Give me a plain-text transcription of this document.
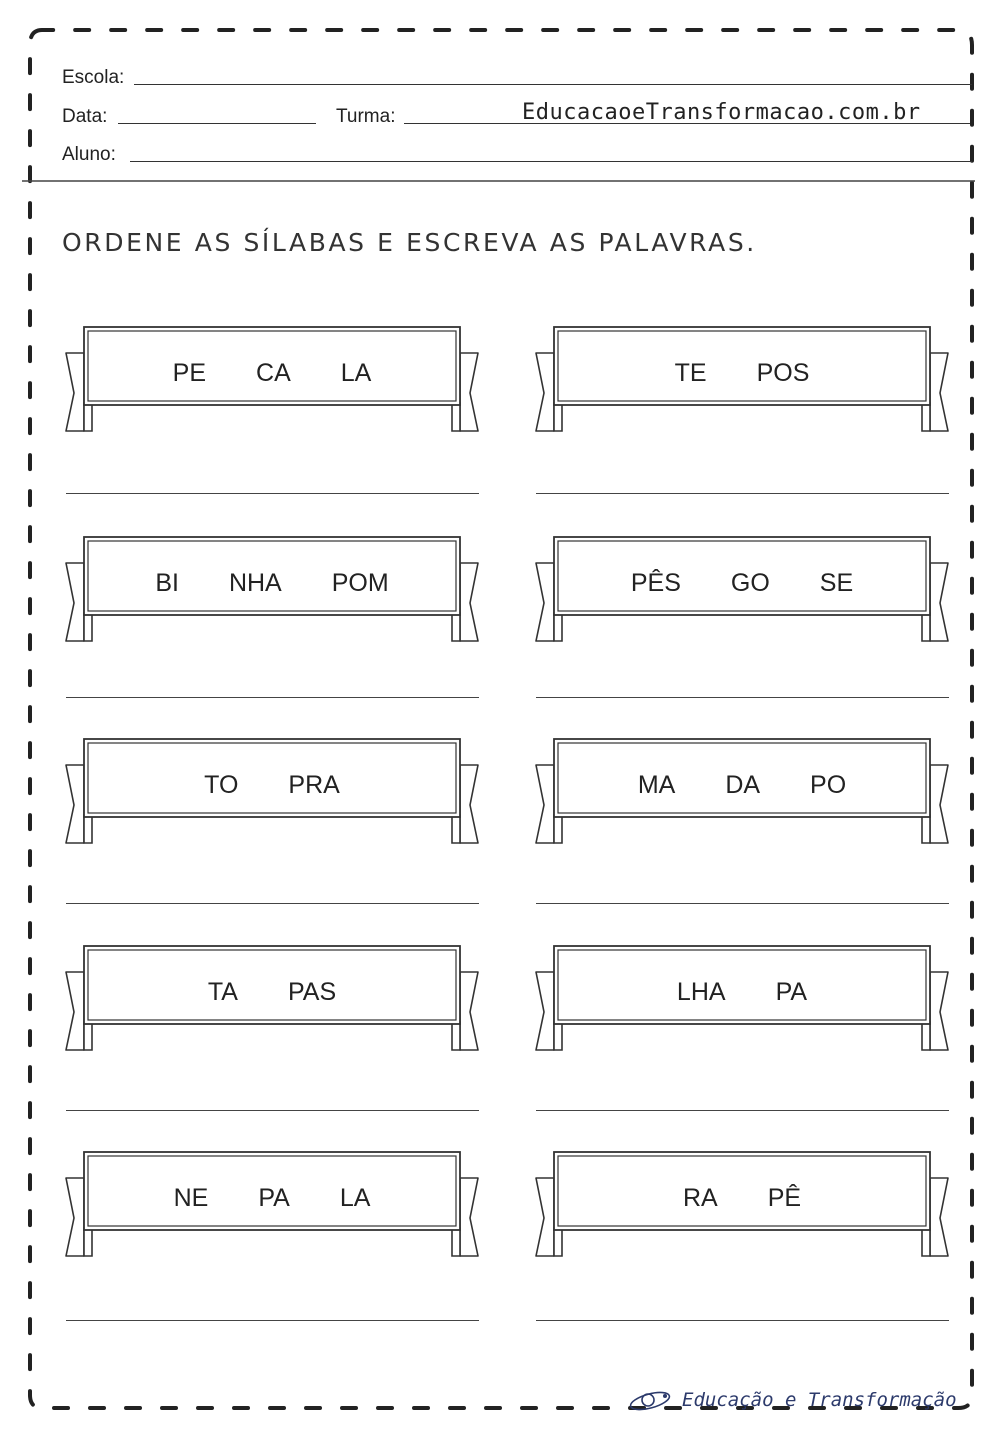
Escola:
Data:	Turma:	EducacaoeTransformacao.com.br
Aluno:
ORDENE AS SÍLABAS E ESCREVA AS PALAVRAS.
PE CA LA	TE POS
BI NHA POM	PÊS GO SE
TO PRA	MA DA PO
TA PAS	LHA PA
NE PA LA	RA PÊ
Educação e Transformação
